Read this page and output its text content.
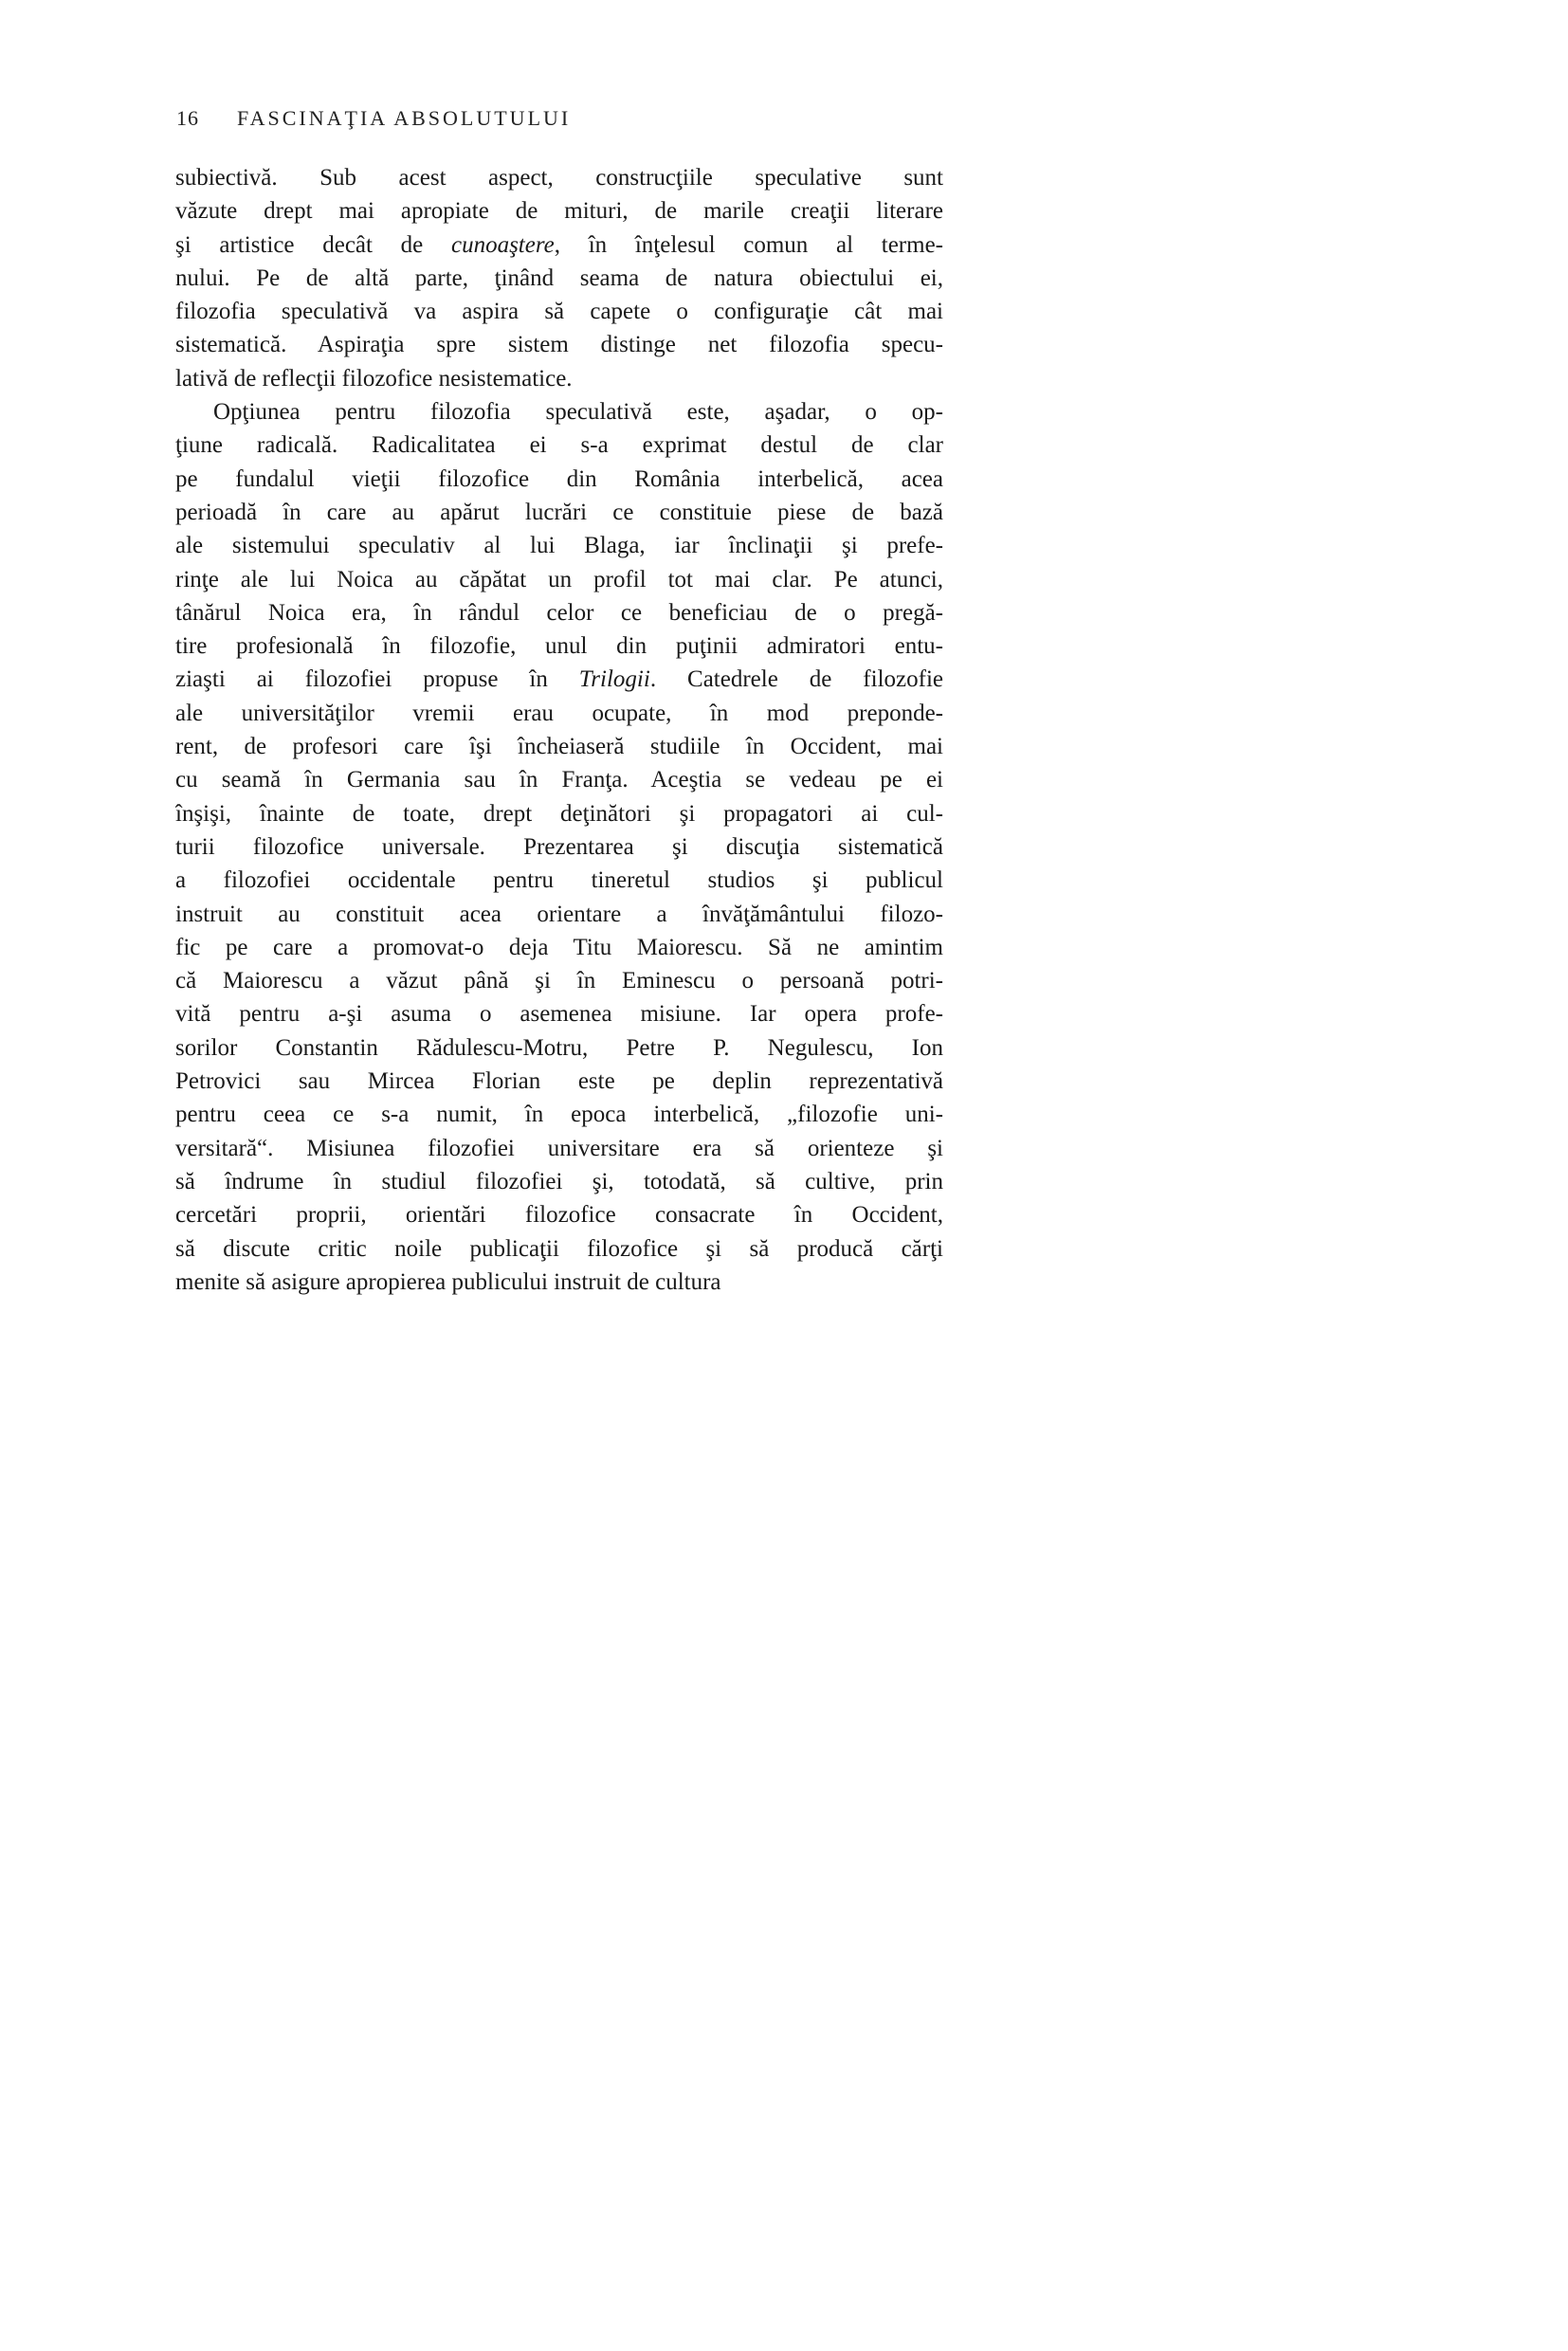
16 FASCINAŢIA ABSOLUTULUI
subiectivă. Sub acest aspect, construcţiile speculative sunt
văzute drept mai apropiate de mituri, de marile creaţii literare
şi artistice decât de cunoaştere, în înţelesul comun al terme-
nului. Pe de altă parte, ţinând seama de natura obiectului ei,
filozofia speculativă va aspira să capete o configuraţie cât mai
sistematică. Aspiraţia spre sistem distinge net filozofia specu-
lativă de reflecţii filozofice nesistematice.
Opţiunea pentru filozofia speculativă este, aşadar, o op-
ţiune radicală. Radicalitatea ei s-a exprimat destul de clar
pe fundalul vieţii filozofice din România interbelică, acea
perioadă în care au apărut lucrări ce constituie piese de bază
ale sistemului speculativ al lui Blaga, iar înclinaţii şi prefe-
rinţe ale lui Noica au căpătat un profil tot mai clar. Pe atunci,
tânărul Noica era, în rândul celor ce beneficiau de o pregă-
tire profesională în filozofie, unul din puţinii admiratori entu-
ziaşti ai filozofiei propuse în Trilogii. Catedrele de filozofie
ale universităţilor vremii erau ocupate, în mod preponde-
rent, de profesori care îşi încheiaseră studiile în Occident, mai
cu seamă în Germania sau în Franţa. Aceştia se vedeau pe ei
înşişi, înainte de toate, drept deţinători şi propagatori ai cul-
turii filozofice universale. Prezentarea şi discuţia sistematică
a filozofiei occidentale pentru tineretul studios şi publicul
instruit au constituit acea orientare a învăţământului filozo-
fic pe care a promovat-o deja Titu Maiorescu. Să ne amintim
că Maiorescu a văzut până şi în Eminescu o persoană potri-
vită pentru a-şi asuma o asemenea misiune. Iar opera profe-
sorilor Constantin Rădulescu-Motru, Petre P. Negulescu, Ion
Petrovici sau Mircea Florian este pe deplin reprezentativă
pentru ceea ce s-a numit, în epoca interbelică, „filozofie uni-
versitară“. Misiunea filozofiei universitare era să orienteze şi
să îndrume în studiul filozofiei şi, totodată, să cultive, prin
cercetări proprii, orientări filozofice consacrate în Occident,
să discute critic noile publicaţii filozofice şi să producă cărţi
menite să asigure apropierea publicului instruit de cultura
